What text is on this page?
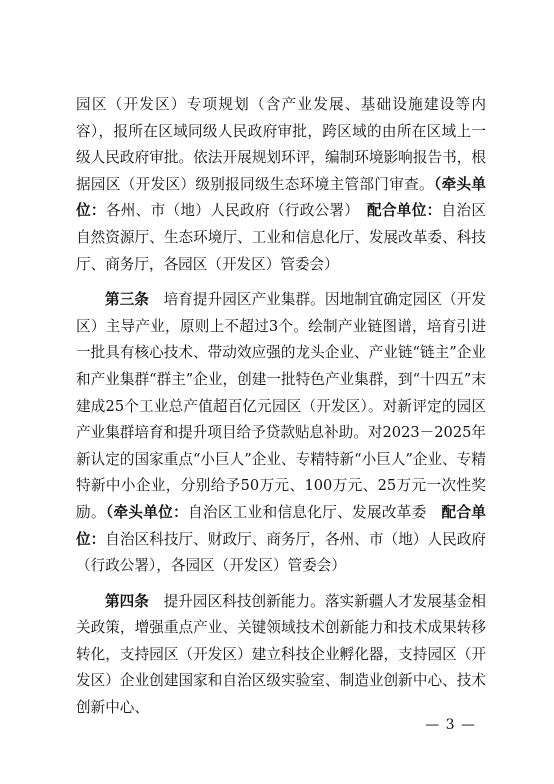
园区（开发区）专项规划（含产业发展、基础设施建设等内容），报所在区域同级人民政府审批，跨区域的由所在区域上一级人民政府审批。依法开展规划环评，编制环境影响报告书，根据园区（开发区）级别报同级生态环境主管部门审查。（牵头单位：各州、市（地）人民政府（行政公署）　 配合单位：自治区自然资源厅、生态环境厅、工业和信息化厅、发展改革委、科技厅、商务厅，各园区（开发区）管委会）

第三条　 培育提升园区产业集群。因地制宜确定园区（开发区）主导产业，原则上不超过3个。绘制产业链图谱，培育引进一批具有核心技术、带动效应强的龙头企业、产业链“链主”企业和产业集群“群主”企业，创建一批特色产业集群，到“十四五”末建成25个工业总产值超百亿元园区（开发区）。对新评定的园区产业集群培育和提升项目给予贷款贴息补助。对2023－2025年新认定的国家重点“小巨人”企业、专精特新“小巨人”企业、专精特新中小企业，分别给予50万元、100万元、25万元一次性奖励。（牵头单位：自治区工业和信息化厅、发展改革委　 配合单位：自治区科技厅、财政厅、商务厅，各州、市（地）人民政府（行政公署），各园区（开发区）管委会）

第四条　 提升园区科技创新能力。落实新疆人才发展基金相关政策，增强重点产业、关键领域技术创新能力和技术成果转移转化，支持园区（开发区）建立科技企业孵化器，支持园区（开发区）企业创建国家和自治区级实验室、制造业创新中心、技术创新中心、

— 3 —
